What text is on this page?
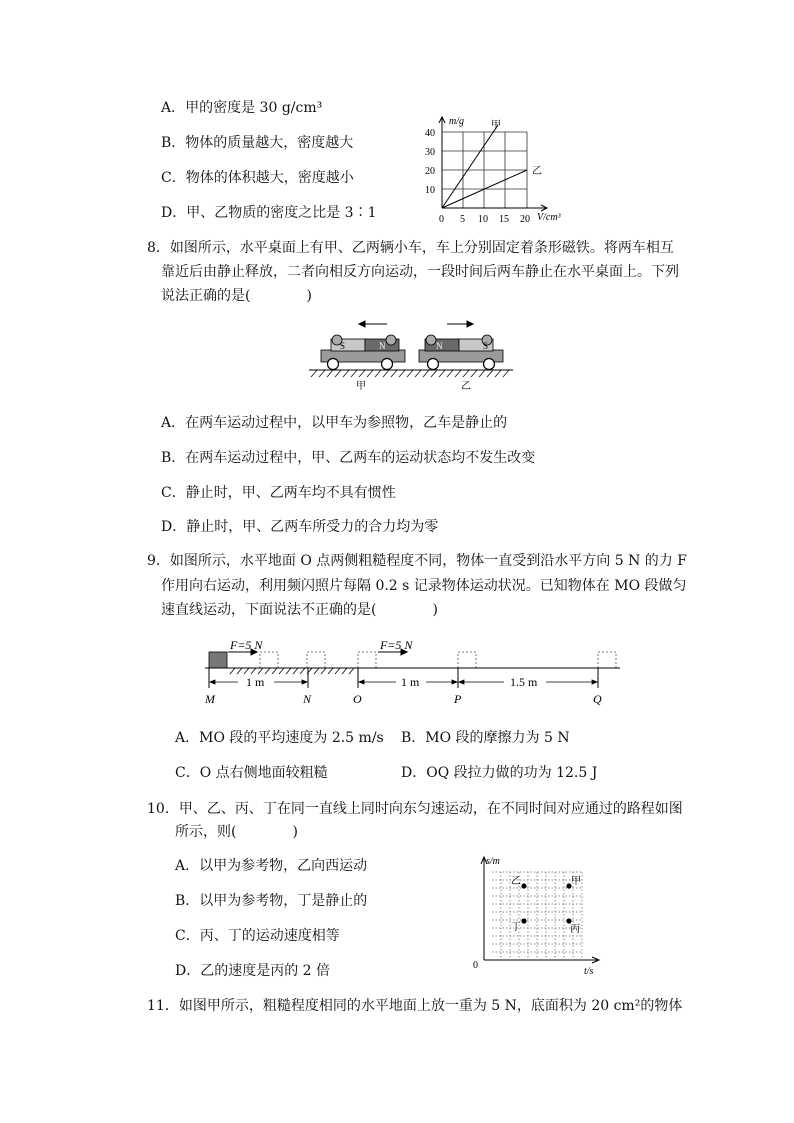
A．甲的密度是 30 g/cm³
B．物体的质量越大，密度越大
C．物体的体积越大，密度越小
D．甲、乙物质的密度之比是 3∶1
m/g
V/cm³
40
30
20
10
0 5 10 15 20
甲
乙
8．如图所示，水平桌面上有甲、乙两辆小车，车上分别固定着条形磁铁。将两车相互
靠近后由静止释放，二者向相反方向运动，一段时间后两车静止在水平桌面上。下列
说法正确的是(　　　　)
S	N	N	S
甲	乙
A．在两车运动过程中，以甲车为参照物，乙车是静止的
B．在两车运动过程中，甲、乙两车的运动状态均不发生改变
C．静止时，甲、乙两车均不具有惯性
D．静止时，甲、乙两车所受力的合力均为零
9．如图所示，水平地面 O 点两侧粗糙程度不同，物体一直受到沿水平方向 5 N 的力 F
作用向右运动，利用频闪照片每隔 0.2 s 记录物体运动状况。已知物体在 MO 段做匀
速直线运动，下面说法不正确的是(　　　　)
F=5 N	F=5 N
1 m	1 m	1.5 m
M	N	O	P	Q
A．MO 段的平均速度为 2.5 m/s B．MO 段的摩擦力为 5 N
C．O 点右侧地面较粗糙	D．OQ 段拉力做的功为 12.5 J
10．甲、乙、丙、丁在同一直线上同时向东匀速运动，在不同时间对应通过的路程如图
所示，则(　　　　)
A．以甲为参考物，乙向西运动
B．以甲为参考物，丁是静止的
C．丙、丁的运动速度相等
D．乙的速度是丙的 2 倍
s/m
t/s
0
乙	甲
丁	丙
11．如图甲所示，粗糙程度相同的水平地面上放一重为 5 N，底面积为 20 cm²的物体
